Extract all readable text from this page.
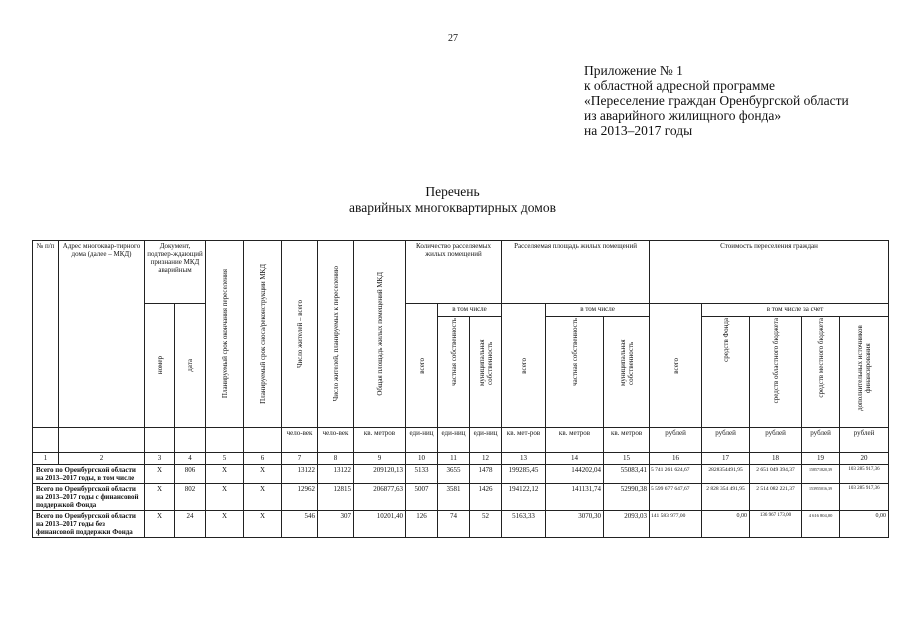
27
Приложение № 1
к областной адресной программе
«Переселение граждан Оренбургской области
из аварийного жилищного фонда»
на 2013–2017 годы
Перечень
аварийных многоквартирных домов
№ п/п	Адрес многоквар-тирного дома (далее – МКД)	Документ, подтвер-ждающий признание МКД аварийным		Планируемый срок окончания переселения	Планируемый срок сноса/реконструкции МКД	Число жителей – всего	Число жителей, планируемых к переселению	Общая площадь жилых помещений МКД	Количество расселяемых жилых помещений			Расселяемая площадь жилых помещений			Стоимость переселения граждан				

		номер	дата						всего	в том числе		всего	в том числе		всего	в том числе за счет			

										частная собственность	муниципальная собственность		частная собственность	муниципальная собственность		средств Фонда	средств областного бюджета	средств местного бюджета	дополнительных источников финансирования

						чело-век	чело-век	кв. метров	еди-ниц	еди-ниц	еди-ниц	кв. мет-ров	кв. метров	кв. метров	рублей	рублей	рублей	рублей	рублей
1	2	3	4	5	6	7	8	9	10	11	12	13	14	15	16	17	18	19	20
Всего по Оренбургской области на 2013–2017 годы, в том числе		X	806	X	X	13122	13122	209120,13	5133	3655	1478	199285,45	144202,04	55083,41	5 741 261 624,67	2828354491,95	2 651 049 394,37	158571820,39	103 285 917,36
Всего по Оренбургской области на 2013–2017 годы с финансовой поддержкой Фонда		X	802	X	X	12962	12815	206877,63	5007	3581	1426	194122,12	141131,74	52990,38	5 599 677 647,67	2 828 354 491,95	2 514 082 221,37	153955016,39	103 285 917,36
Всего по Оренбургской области на 2013–2017 годы без финансовой поддержки Фонда		X	24	X	X	546	307	10201,40	126	74	52	5163,33	3070,30	2093,03	141 583 977,00	0,00	136 967 173,00	4 616 804,00	0,00
